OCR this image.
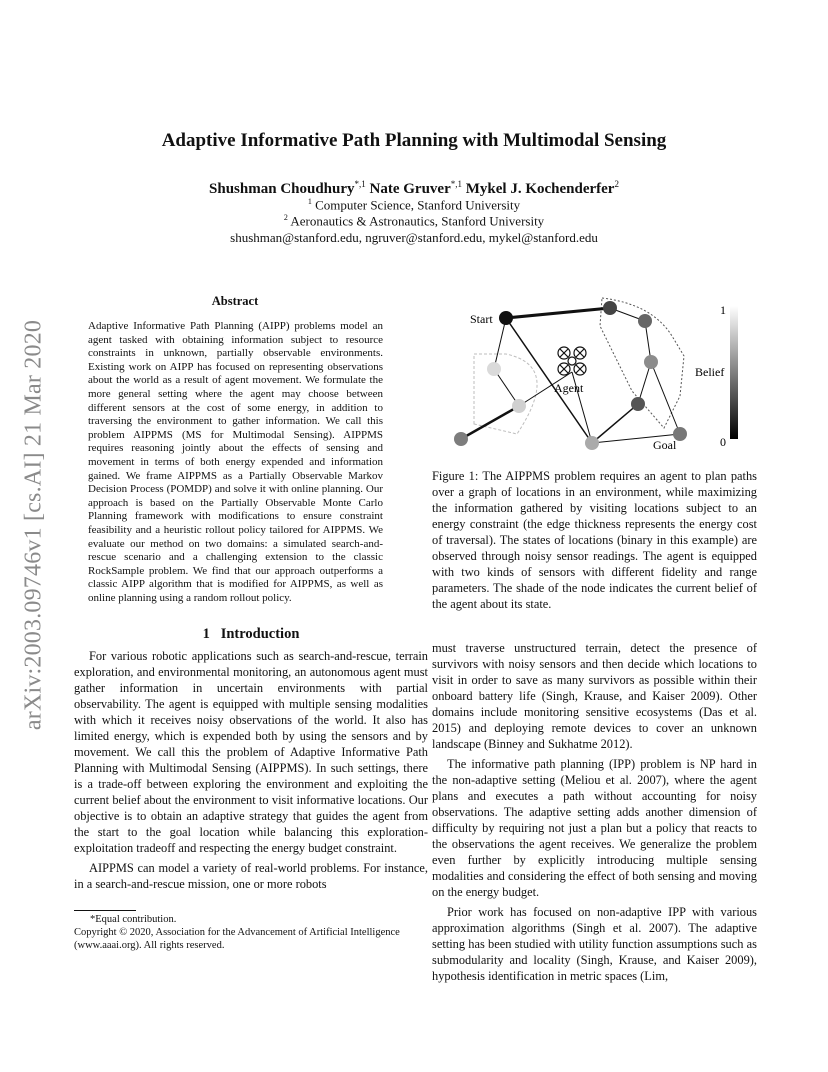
arXiv:2003.09746v1 [cs.AI] 21 Mar 2020
Adaptive Informative Path Planning with Multimodal Sensing
Shushman Choudhury$^{*,1}$ Nate Gruver$^{*,1}$ Mykel J. Kochenderfer$^2$
$^1$ Computer Science, Stanford University
$^2$ Aeronautics & Astronautics, Stanford University
shushman@stanford.edu, ngruver@stanford.edu, mykel@stanford.edu
Abstract
Adaptive Informative Path Planning (AIPP) problems model an agent tasked with obtaining information subject to resource constraints in unknown, partially observable environments. Existing work on AIPP has focused on representing observations about the world as a result of agent movement. We formulate the more general setting where the agent may choose between different sensors at the cost of some energy, in addition to traversing the environment to gather information. We call this problem AIPPMS (MS for Multimodal Sensing). AIPPMS requires reasoning jointly about the effects of sensing and movement in terms of both energy expended and information gained. We frame AIPPMS as a Partially Observable Markov Decision Process (POMDP) and solve it with online planning. Our approach is based on the Partially Observable Monte Carlo Planning framework with modifications to ensure constraint feasibility and a heuristic rollout policy tailored for AIPPMS. We evaluate our method on two domains: a simulated search-and-rescue scenario and a challenging extension to the classic RockSample problem. We find that our approach outperforms a classic AIPP algorithm that is modified for AIPPMS, as well as online planning using a random rollout policy.
Start
Agent
Goal
1
0
Belief
Figure 1: The AIPPMS problem requires an agent to plan paths over a graph of locations in an environment, while maximizing the information gathered by visiting locations subject to an energy constraint (the edge thickness represents the energy cost of traversal). The states of locations (binary in this example) are observed through noisy sensor readings. The agent is equipped with two kinds of sensors with different fidelity and range parameters. The shade of the node indicates the current belief of the agent about its state.
1 Introduction

For various robotic applications such as search-and-rescue, terrain exploration, and environmental monitoring, an autonomous agent must gather information in uncertain environments with partial observability. The agent is equipped with multiple sensing modalities with which it receives noisy observations of the world. It also has limited energy, which is expended both by using the sensors and by movement. We call this the problem of Adaptive Informative Path Planning with Multimodal Sensing (AIPPMS). In such settings, there is a trade-off between exploring the environment and exploiting the current belief about the environment to visit informative locations. Our objective is to obtain an adaptive strategy that guides the agent from the start to the goal location while balancing this exploration-exploitation tradeoff and respecting the energy budget constraint.

AIPPMS can model a variety of real-world problems. For instance, in a search-and-rescue mission, one or more robots

must traverse unstructured terrain, detect the presence of survivors with noisy sensors and then decide which locations to visit in order to save as many survivors as possible within their onboard battery life (Singh, Krause, and Kaiser 2009). Other domains include monitoring sensitive ecosystems (Das et al. 2015) and deploying remote devices to cover an unknown landscape (Binney and Sukhatme 2012).

The informative path planning (IPP) problem is NP hard in the non-adaptive setting (Meliou et al. 2007), where the agent plans and executes a path without accounting for noisy observations. The adaptive setting adds another dimension of difficulty by requiring not just a plan but a policy that reacts to the observations the agent receives. We generalize the problem even further by explicitly introducing multiple sensing modalities and considering the effect of both sensing and moving on the energy budget.

Prior work has focused on non-adaptive IPP with various approximation algorithms (Singh et al. 2007). The adaptive setting has been studied with utility function assumptions such as submodularity and locality (Singh, Krause, and Kaiser 2009), hypothesis identification in metric spaces (Lim,

*Equal contribution.
Copyright © 2020, Association for the Advancement of Artificial Intelligence (www.aaai.org). All rights reserved.
